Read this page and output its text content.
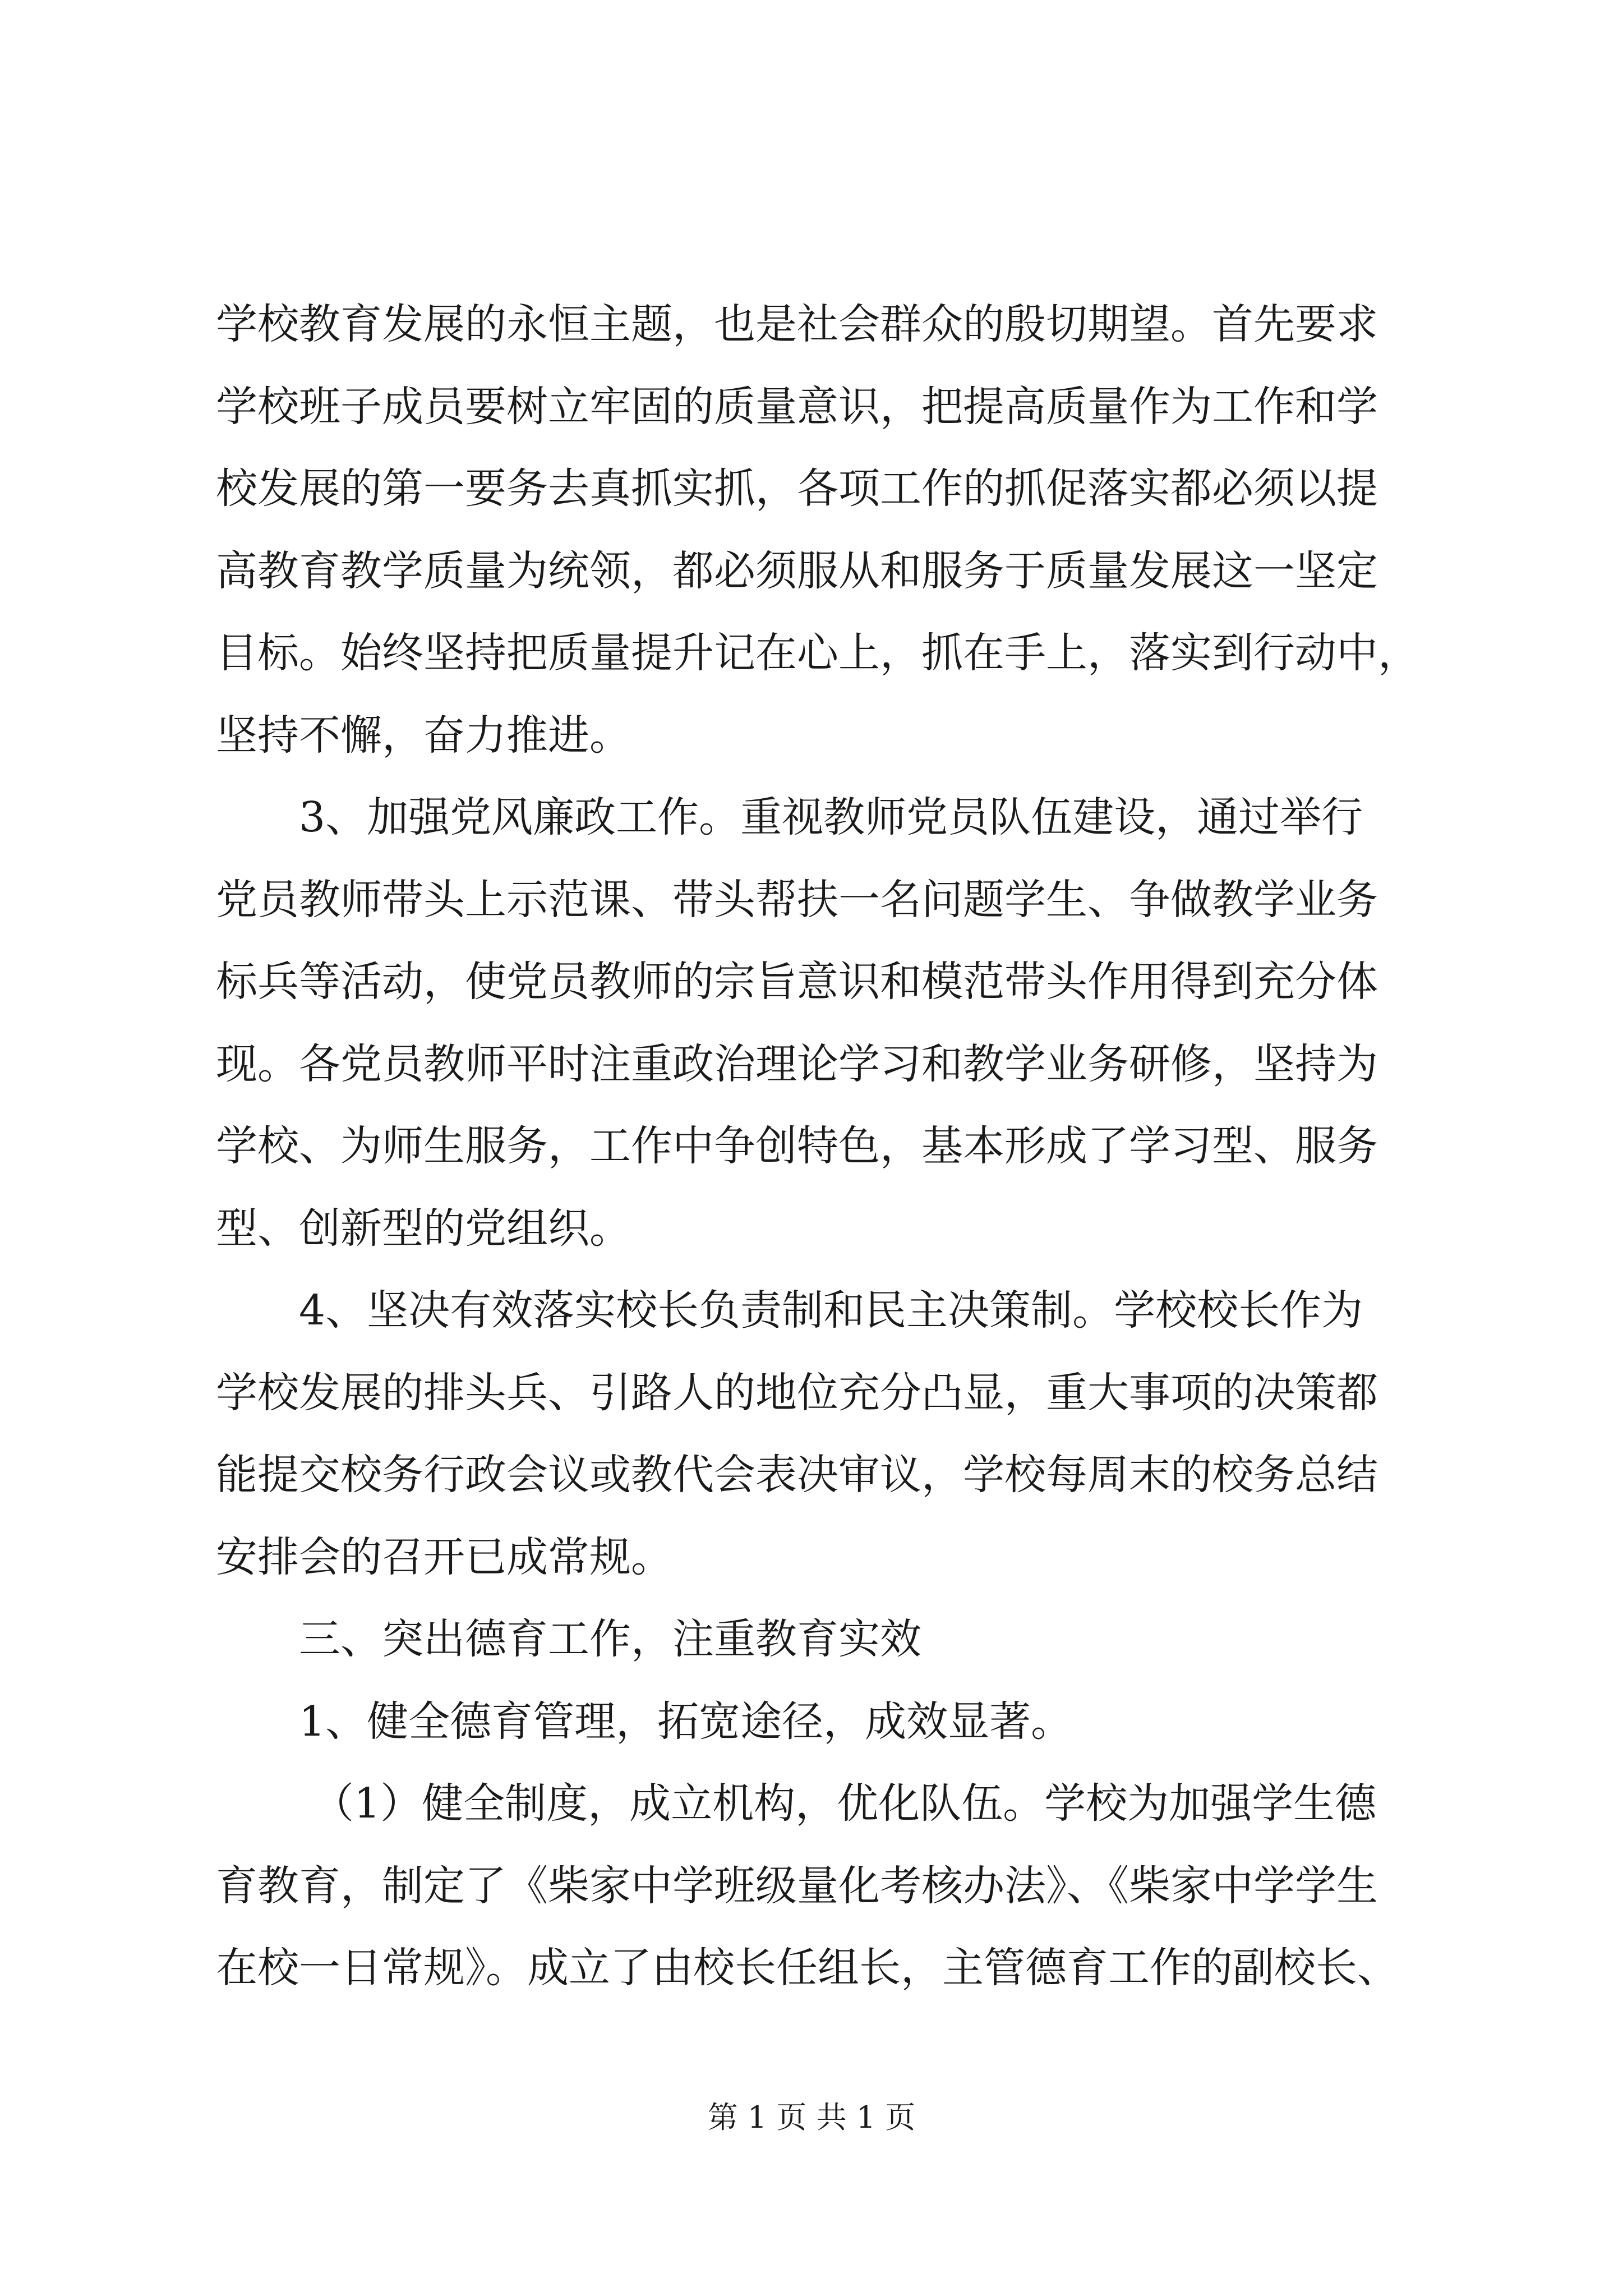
学校教育发展的永恒主题，也是社会群众的殷切期望。首先要求
学校班子成员要树立牢固的质量意识，把提高质量作为工作和学
校发展的第一要务去真抓实抓，各项工作的抓促落实都必须以提
高教育教学质量为统领，都必须服从和服务于质量发展这一坚定
目标。始终坚持把质量提升记在心上，抓在手上，落实到行动中，
坚持不懈，奋力推进。
3、加强党风廉政工作。重视教师党员队伍建设，通过举行
党员教师带头上示范课、带头帮扶一名问题学生、争做教学业务
标兵等活动，使党员教师的宗旨意识和模范带头作用得到充分体
现。各党员教师平时注重政治理论学习和教学业务研修，坚持为
学校、为师生服务，工作中争创特色，基本形成了学习型、服务
型、创新型的党组织。
4、坚决有效落实校长负责制和民主决策制。学校校长作为
学校发展的排头兵、引路人的地位充分凸显，重大事项的决策都
能提交校务行政会议或教代会表决审议，学校每周末的校务总结
安排会的召开已成常规。
三、突出德育工作，注重教育实效
1、健全德育管理，拓宽途径，成效显著。
（1）健全制度，成立机构，优化队伍。学校为加强学生德
育教育，制定了《柴家中学班级量化考核办法》、《柴家中学学生
在校一日常规》。成立了由校长任组长，主管德育工作的副校长、
第 1 页 共 1 页
